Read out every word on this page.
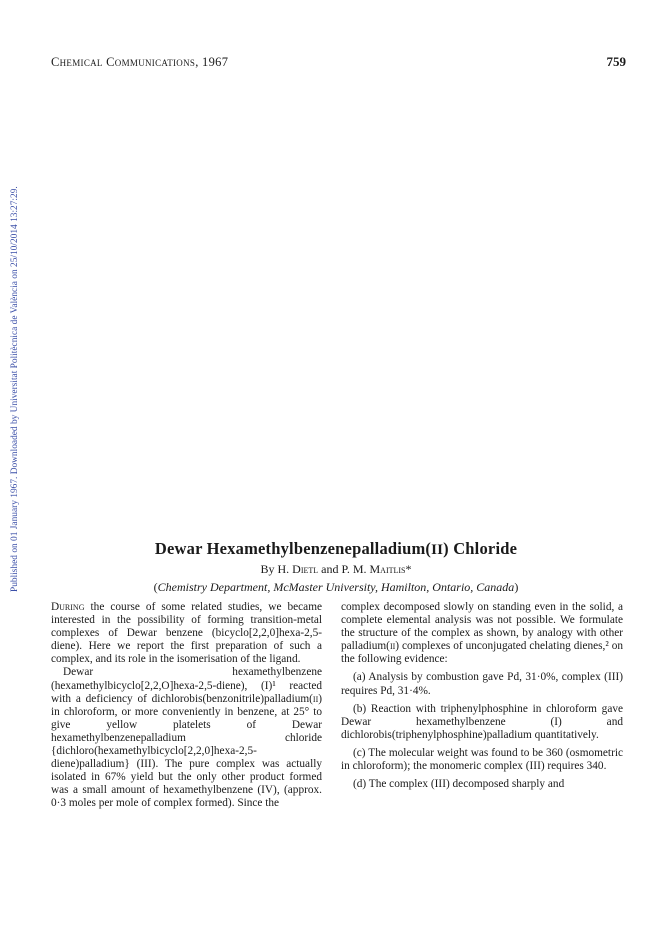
Published on 01 January 1967. Downloaded by Universitat Politècnica de València on 25/10/2014 13:27:29.
Chemical Communications, 1967	759
Dewar Hexamethylbenzenepalladium(II) Chloride
By H. Dietl and P. M. Maitlis*
(Chemistry Department, McMaster University, Hamilton, Ontario, Canada)

During the course of some related studies, we became interested in the possibility of forming transition-metal complexes of Dewar benzene (bicyclo[2,2,0]hexa-2,5-diene). Here we report the first preparation of such a complex, and its role in the isomerisation of the ligand.

Dewar hexamethylbenzene (hexamethylbicyclo[2,2,O]hexa-2,5-diene), (I)¹ reacted with a deficiency of dichlorobis(benzonitrile)palladium(ii) in chloroform, or more conveniently in benzene, at 25° to give yellow platelets of Dewar hexamethylbenzenepalladium chloride {dichloro(hexamethylbicyclo[2,2,0]hexa-2,5-diene)palladium} (III). The pure complex was actually isolated in 67% yield but the only other product formed was a small amount of hexamethylbenzene (IV), (approx. 0·3 moles per mole of complex formed). Since the

complex decomposed slowly on standing even in the solid, a complete elemental analysis was not possible. We formulate the structure of the complex as shown, by analogy with other palladium(ii) complexes of unconjugated chelating dienes,² on the following evidence:

(a) Analysis by combustion gave Pd, 31·0%, complex (III) requires Pd, 31·4%.

(b) Reaction with triphenylphosphine in chloroform gave Dewar hexamethylbenzene (I) and dichlorobis(triphenylphosphine)palladium quantitatively.

(c) The molecular weight was found to be 360 (osmometric in chloroform); the monomeric complex (III) requires 340.

(d) The complex (III) decomposed sharply and
